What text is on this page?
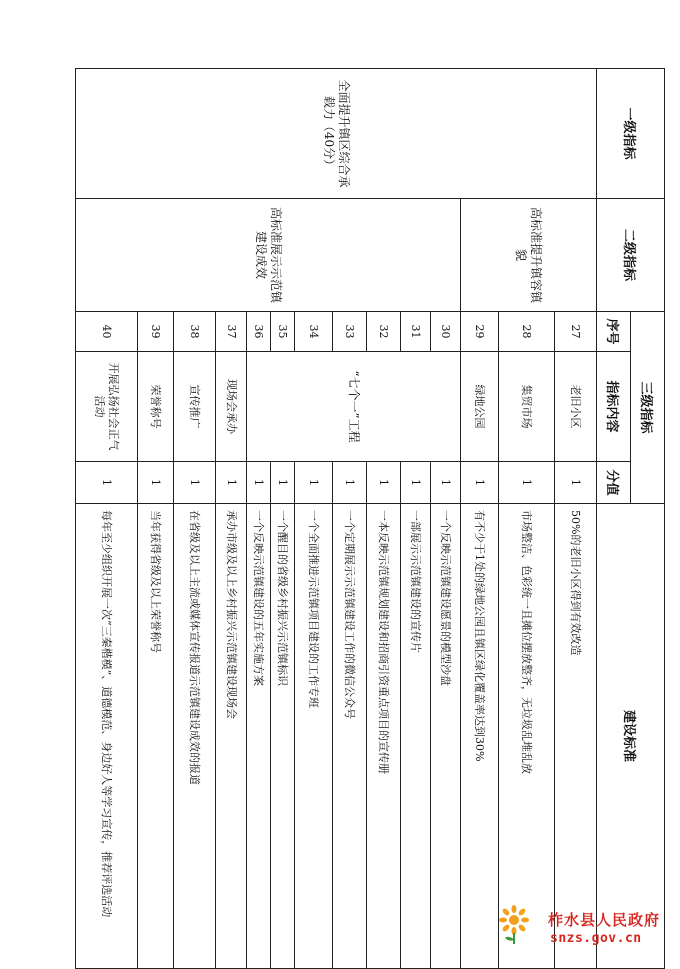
一级指标	二级指标	三级指标			建设标准
		序号	指标内容	分值	
全面提升镇区综合承载力（40分）	高标准提升镇容镇貌	27	老旧小区	1	50%的老旧小区得到有效改造
		28	集贸市场	1	市场整洁、色彩统一且摊位摆放整齐，无垃圾乱堆乱放
		29	绿地公园	1	有不少于1处的绿地公园且镇区绿化覆盖率达到30%
	高标准展示示范镇建设成效	30	“七个一”工程	1	一个反映示范镇建设愿景的模型沙盘
		31		1	一部展示示范镇建设的宣传片
		32		1	一本反映示范镇规划建设和招商引资重点项目的宣传册
		33		1	一个定期展示示范镇建设工作的微信公众号
		34		1	一个全面推进示范镇项目建设的工作专班
		35		1	一个醒目的省级乡村振兴示范镇标识
		36		1	一个反映示范镇建设的五年实施方案
		37	现场会承办	1	承办市级及以上乡村振兴示范镇建设现场会
		38	宣传推广	1	在省级及以上主流或媒体宣传报道示范镇建设成效的报道
		39	荣誉称号	1	当年获得省级及以上荣誉称号
		40	开展弘扬社会正气活动	1	每年至少组织开展一次“三秦楷模”、道德模范、身边好人等学习宣传，推荐评选活动
柞水县人民政府
snzs.gov.cn
